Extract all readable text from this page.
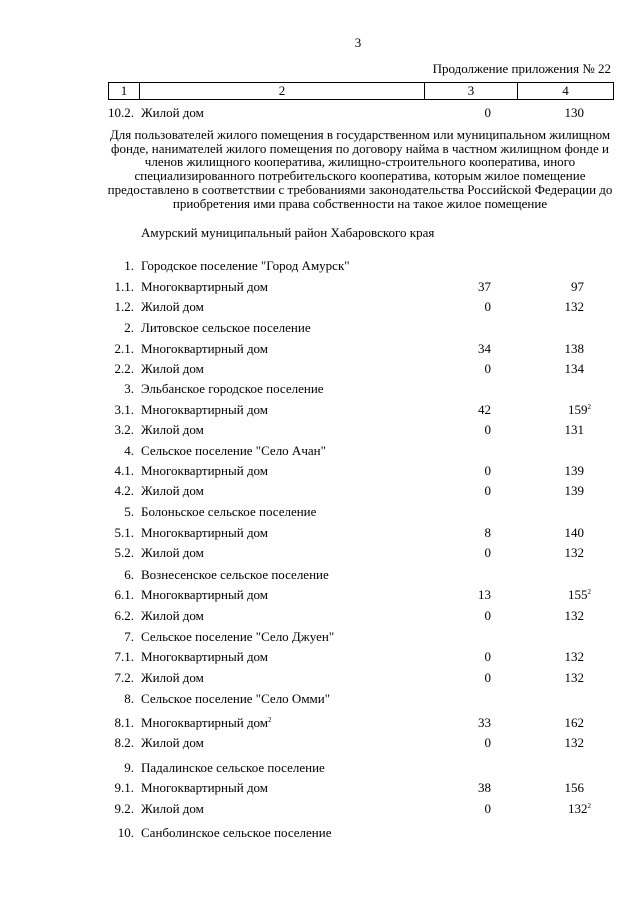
3
Продолжение приложения № 22
1	2	3	4
10.2. Жилой дом	0	130
Для пользователей жилого помещения в государственном или муниципальном жилищном фонде, нанимателей жилого помещения по договору найма в частном жилищном фонде и членов жилищного кооператива, жилищно-строительного кооператива, иного специализированного потребительского кооператива, которым жилое помещение предоставлено в соответствии с требованиями законодательства Российской Федерации до приобретения ими права собственности на такое жилое помещение
Амурский муниципальный район Хабаровского края
1. Городское поселение "Город Амурск"
1.1. Многоквартирный дом	37	97
1.2. Жилой дом	0	132
2. Литовское сельское поселение
2.1. Многоквартирный дом	34	138
2.2. Жилой дом	0	134
3. Эльбанское городское поселение
3.1. Многоквартирный дом	42	$159^2$
3.2. Жилой дом	0	131
4. Сельское поселение "Село Ачан"
4.1. Многоквартирный дом	0	139
4.2. Жилой дом	0	139
5. Болоньское сельское поселение
5.1. Многоквартирный дом	8	140
5.2. Жилой дом	0	132
6. Вознесенское сельское поселение
6.1. Многоквартирный дом	13	$155^2$
6.2. Жилой дом	0	132
7. Сельское поселение "Село Джуен"
7.1. Многоквартирный дом	0	132
7.2. Жилой дом	0	132
8. Сельское поселение "Село Омми"
8.1. Многоквартирный дом$^2$	33	162
8.2. Жилой дом	0	132
9. Падалинское сельское поселение
9.1. Многоквартирный дом	38	156
9.2. Жилой дом	0	$132^2$
10. Санболинское сельское поселение
